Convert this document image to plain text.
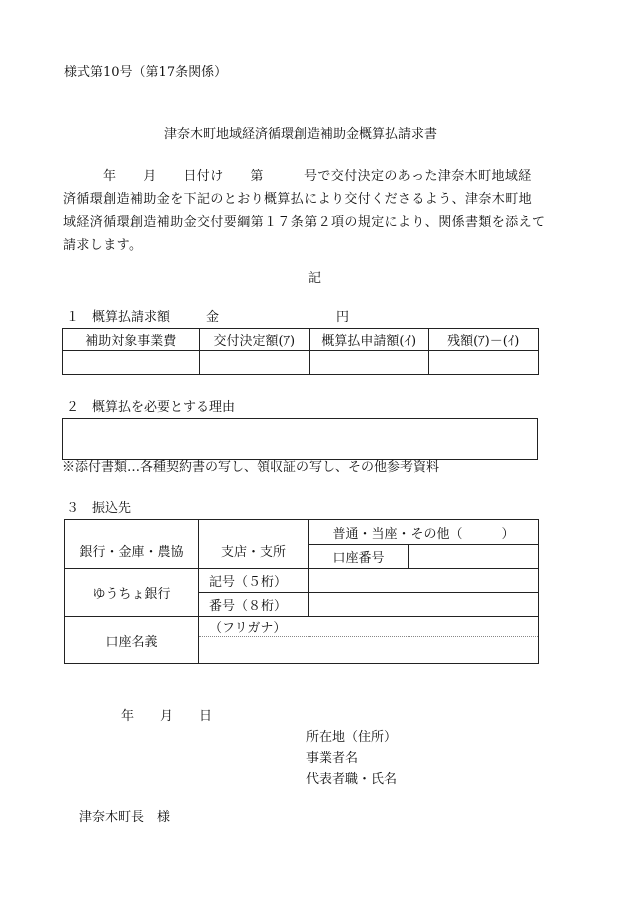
様式第10号（第17条関係）
津奈木町地域経済循環創造補助金概算払請求書
年　　月　　日付け　　第　　　号で交付決定のあった津奈木町地域経
済循環創造補助金を下記のとおり概算払により交付くださるよう、津奈木町地
域経済循環創造補助金交付要綱第１７条第２項の規定により、関係書類を添えて
請求します。
記
１　概算払請求額	金	円
補助対象事業費	交付決定額(ｱ)	概算払申請額(ｲ)	残額(ｱ)－(ｲ)

２　概算払を必要とする理由
※添付書類…各種契約書の写し、領収証の写し、その他参考資料
３　振込先
銀行・金庫・農協	支店・支所	普通・当座・その他（　　　）	
		口座番号	
ゆうちょ銀行	記号（５桁）		
	番号（８桁）		
口座名義	（フリガナ）		

年　　月　　日
所在地（住所）
事業者名
代表者職・氏名
津奈木町長　様
